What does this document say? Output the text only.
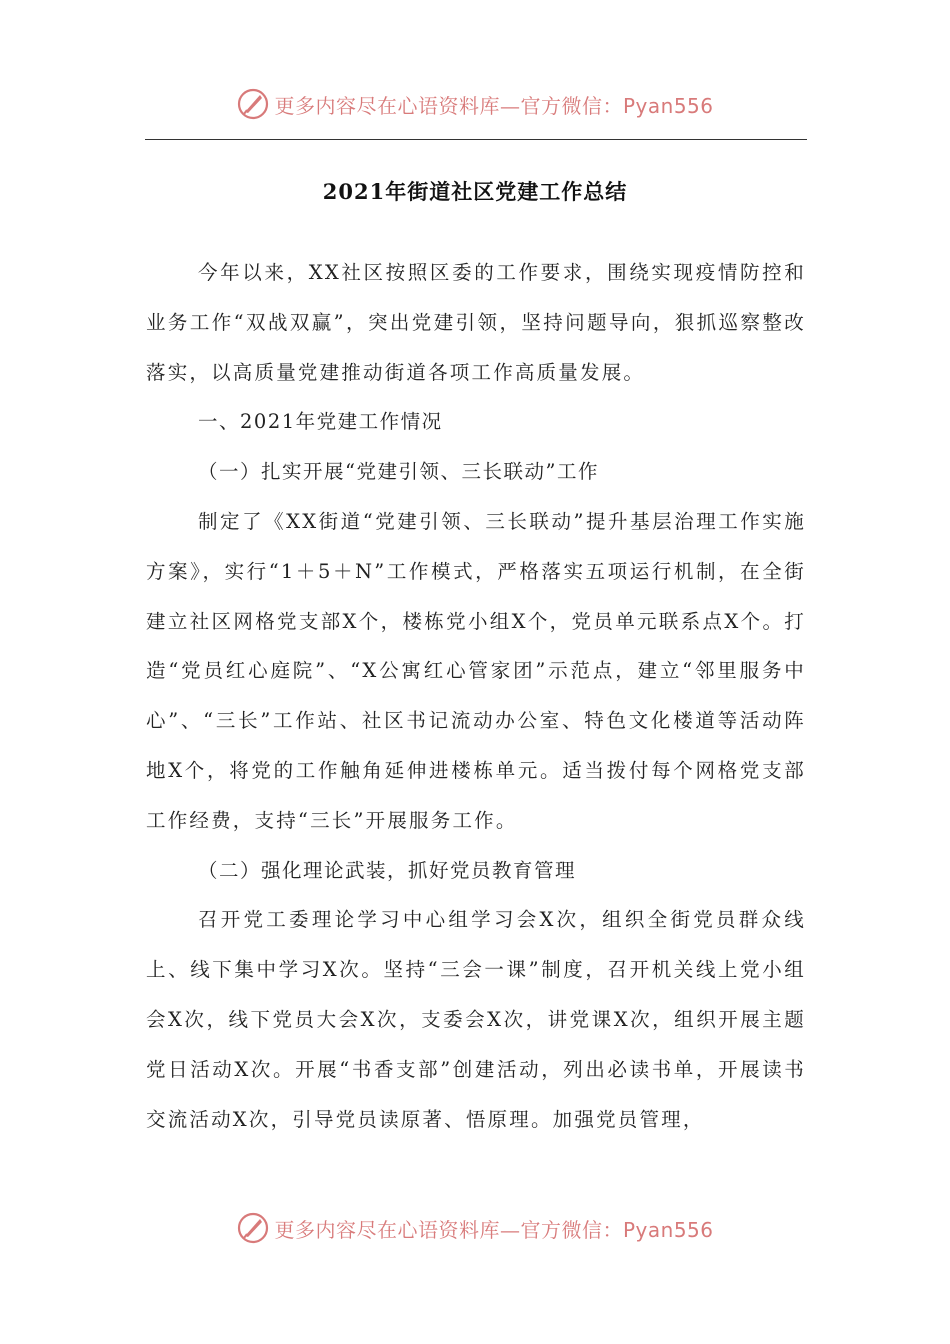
更多内容尽在心语资料库—官方微信：Pyan556
2021年街道社区党建工作总结

今年以来，XX社区按照区委的工作要求，围绕实现疫情防控和业务工作“双战双赢”，突出党建引领，坚持问题导向，狠抓巡察整改落实，以高质量党建推动街道各项工作高质量发展。

一、2021年党建工作情况

（一）扎实开展“党建引领、三长联动”工作

制定了《XX街道“党建引领、三长联动”提升基层治理工作实施方案》，实行“1＋5＋N”工作模式，严格落实五项运行机制，在全街建立社区网格党支部X个，楼栋党小组X个，党员单元联系点X个。打造“党员红心庭院”、“X公寓红心管家团”示范点，建立“邻里服务中心”、“三长”工作站、社区书记流动办公室、特色文化楼道等活动阵地X个，将党的工作触角延伸进楼栋单元。适当拨付每个网格党支部工作经费，支持“三长”开展服务工作。

（二）强化理论武装，抓好党员教育管理

召开党工委理论学习中心组学习会X次，组织全街党员群众线上、线下集中学习X次。坚持“三会一课”制度，召开机关线上党小组会X次，线下党员大会X次，支委会X次，讲党课X次，组织开展主题党日活动X次。开展“书香支部”创建活动，列出必读书单，开展读书交流活动X次，引导党员读原著、悟原理。加强党员管理，

更多内容尽在心语资料库—官方微信：Pyan556
